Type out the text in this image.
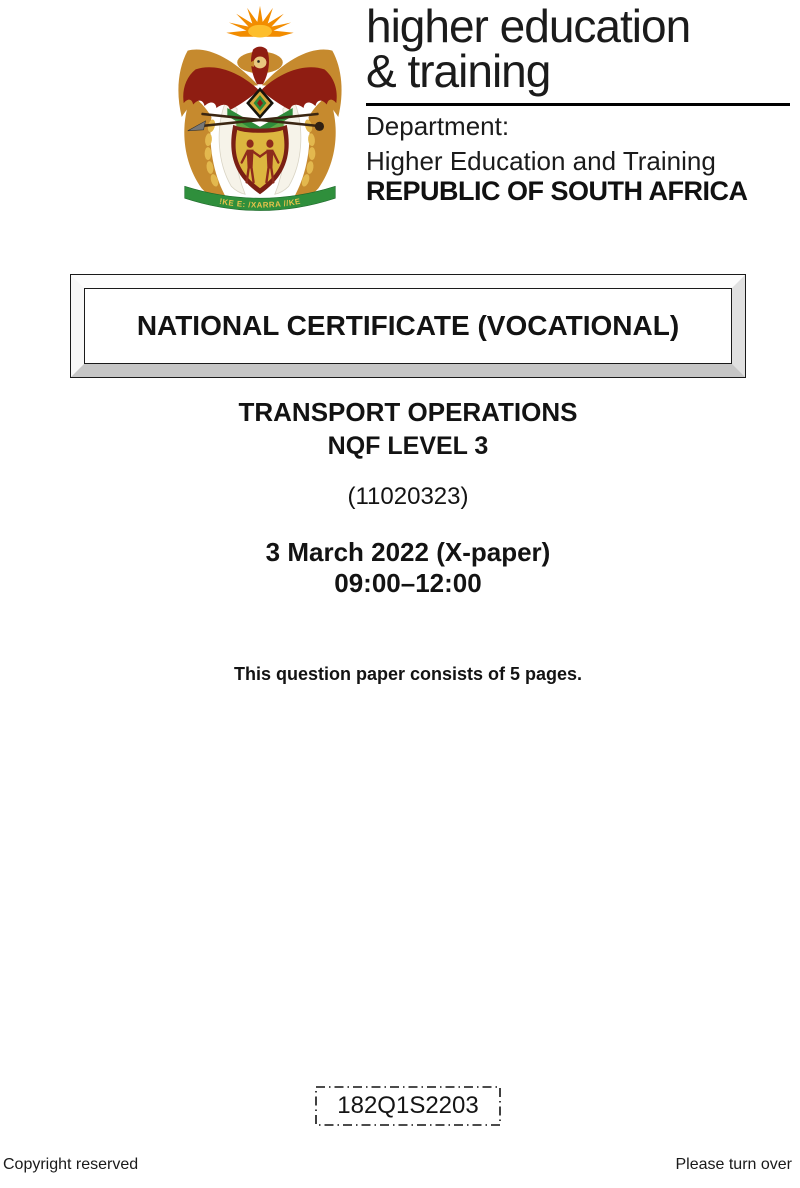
!KE E: /XARRA //KE
higher education
& training
Department:
Higher Education and Training
REPUBLIC OF SOUTH AFRICA
NATIONAL CERTIFICATE (VOCATIONAL)
TRANSPORT OPERATIONS
NQF LEVEL 3
(11020323)
3 March 2022 (X-paper)
09:00–12:00
This question paper consists of 5 pages.
182Q1S2203
Copyright reserved	Please turn over
